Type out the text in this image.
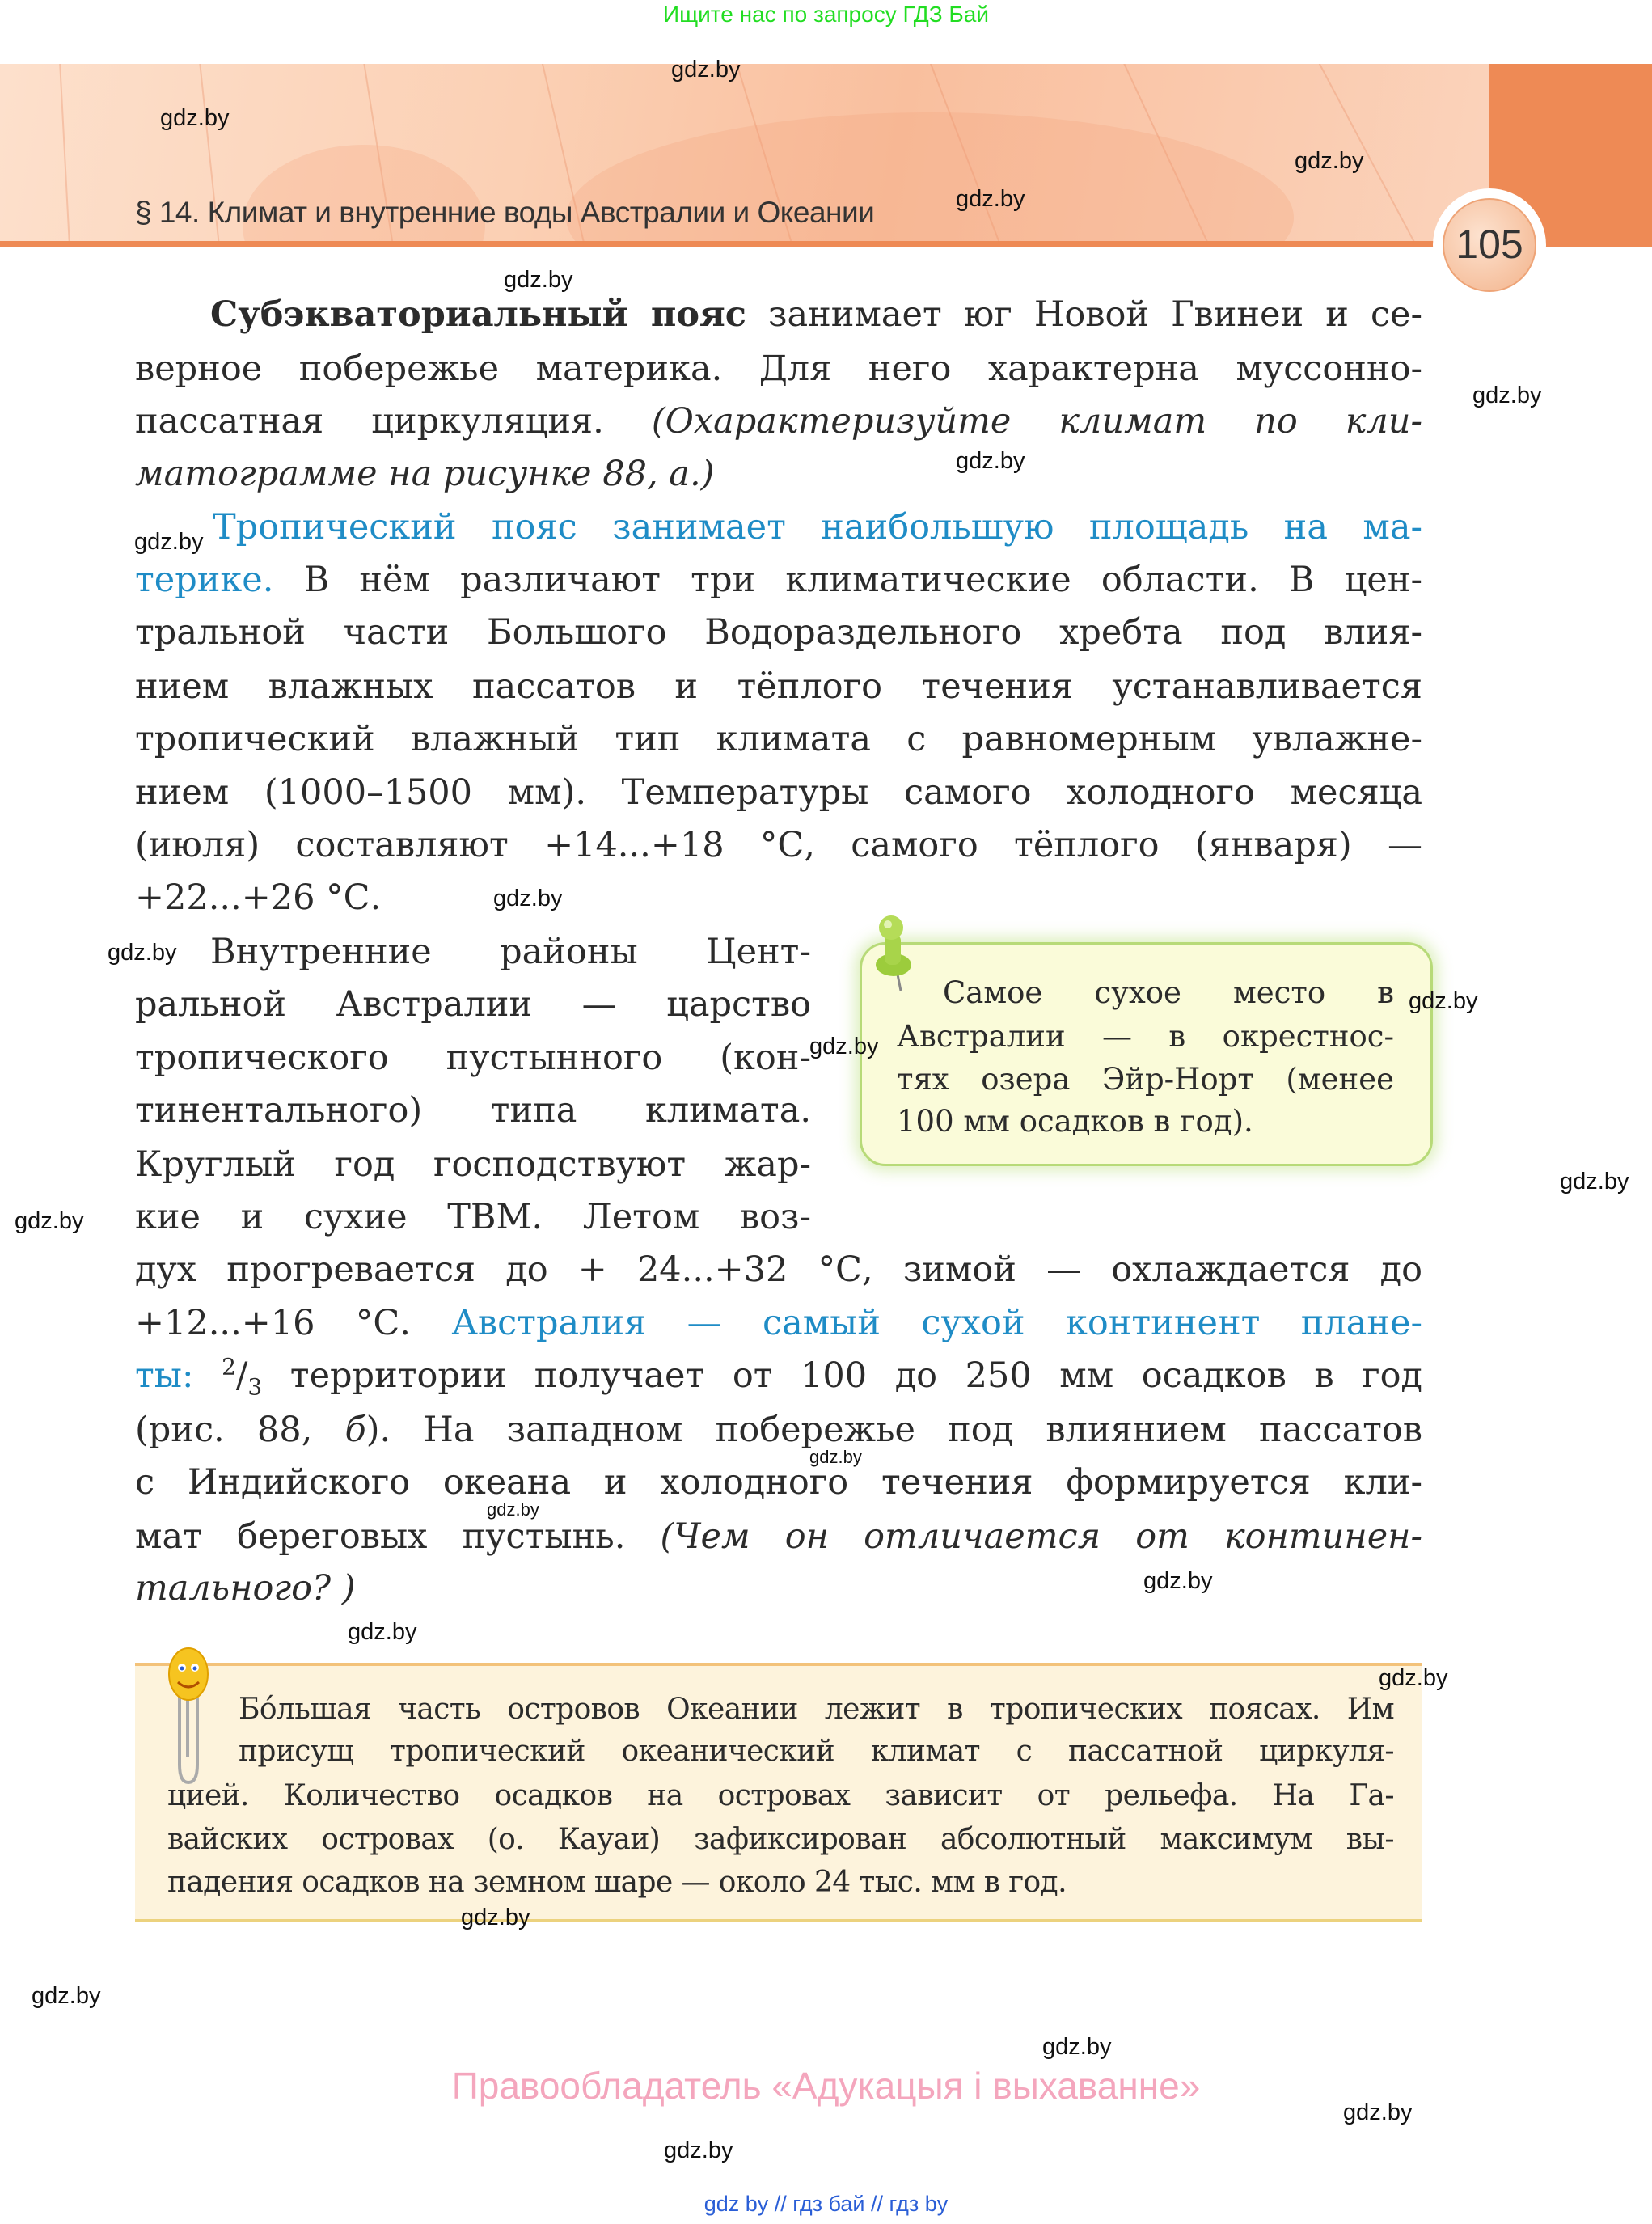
Ищите нас по запросу ГДЗ Бай
§ 14. Климат и внутренние воды Австралии и Океании
105
Субэкваториальный пояс занимает юг Новой Гвинеи и се-
верное побережье материка. Для него характерна муссонно-
пассатная циркуляция. (Охарактеризуйте климат по кли-
матограмме на рисунке 88, а.)
Тропический пояс занимает наибольшую площадь на ма-
терике. В нём различают три климатические области. В цен-
тральной части Большого Водораздельного хребта под влия-
нием влажных пассатов и тёплого течения устанавливается
тропический влажный тип климата с равномерным увлажне-
нием (1000–1500 мм). Температуры самого холодного месяца
(июля) составляют +14...+18 °С, самого тёплого (января) —
+22...+26 °С.
Внутренние районы Цент-
ральной Австралии — царство
тропического пустынного (кон-
тинентального) типа климата.
Круглый год господствуют жар-
кие и сухие ТВМ. Летом воз-
дух прогревается до + 24...+32 °С, зимой — охлаждается до
+12...+16 °С. Австралия — самый сухой континент плане-
ты: $^2/_3$ территории получает от 100 до 250 мм осадков в год
(рис. 88, б). На западном побережье под влиянием пассатов
с Индийского океана и холодного течения формируется кли-
мат береговых пустынь. (Чем он отличается от континен-
тального? )
Самое сухое место в
Австралии — в окрестнос-
тях озера Эйр-Норт (менее
100 мм осадков в год).
Бо́льшая часть островов Океании лежит в тропических поясах. Им
присущ тропический океанический климат с пассатной циркуля-
цией. Количество осадков на островах зависит от рельефа. На Га-
вайских островах (о. Кауаи) зафиксирован абсолютный максимум вы-
падения осадков на земном шаре — около 24 тыс. мм в год.
Правообладатель «Адукацыя і выхаванне»
gdz by // гдз бай // гдз by
gdz.by
gdz.by
gdz.by
gdz.by
gdz.by
gdz.by
gdz.by
gdz.by
gdz.by
gdz.by
gdz.by
gdz.by
gdz.by
gdz.by
gdz.by
gdz.by
gdz.by
gdz.by
gdz.by
gdz.by
gdz.by
gdz.by
gdz.by
gdz.by
